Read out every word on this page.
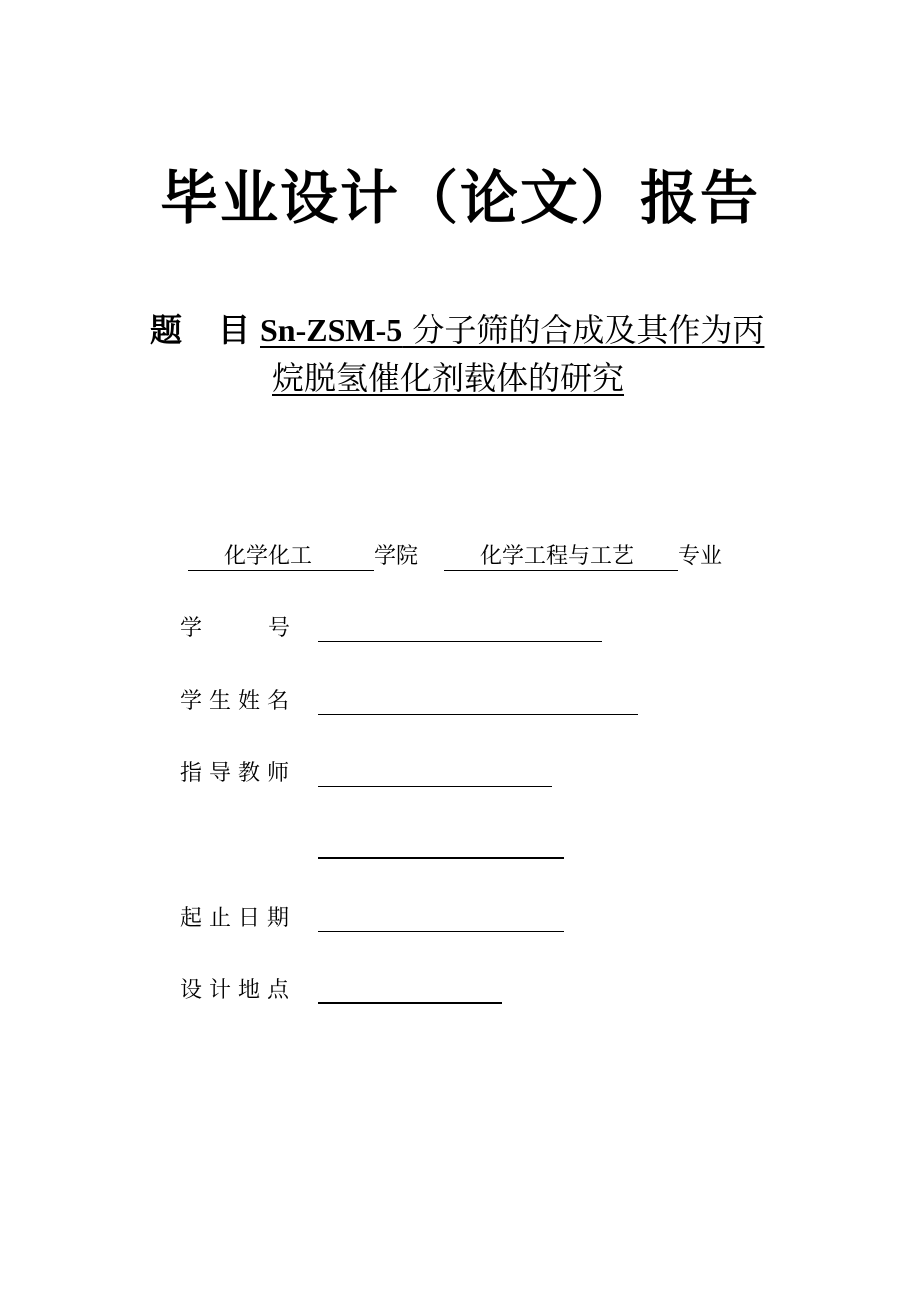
毕业设计（论文）报告
题 目 Sn-ZSM-5 分子筛的合成及其作为丙
烷脱氢催化剂载体的研究
化学化工	学院	化学工程与工艺 专业
学　　　号
学 生 姓 名
指 导 教 师
起 止 日 期
设 计 地 点
